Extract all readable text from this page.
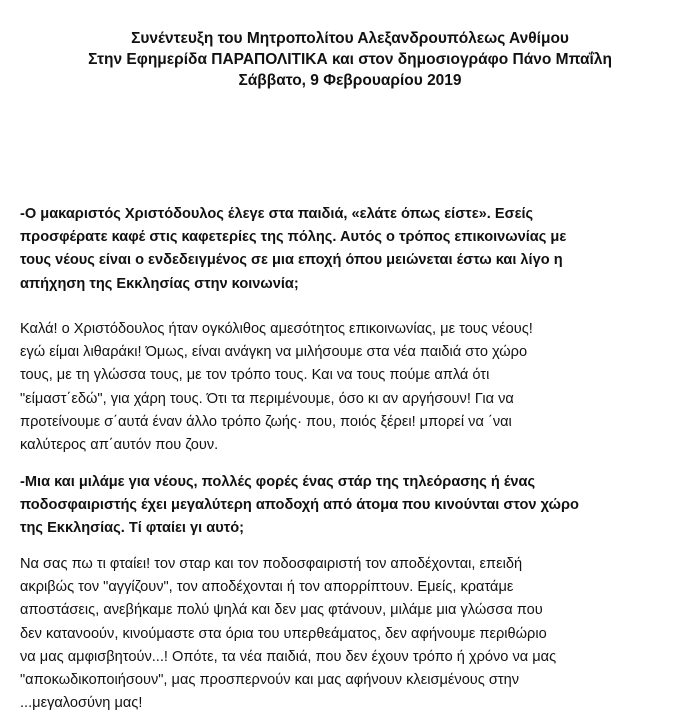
Συνέντευξη του Μητροπολίτου Αλεξανδρουπόλεως Ανθίμου
Στην Εφημερίδα ΠΑΡΑΠΟΛΙΤΙΚΑ και στον δημοσιογράφο Πάνο Μπαΐλη
Σάββατο, 9 Φεβρουαρίου 2019
-Ο μακαριστός Χριστόδουλος έλεγε στα παιδιά, «ελάτε όπως είστε». Εσείς
προσφέρατε καφέ στις καφετερίες της πόλης. Αυτός ο τρόπος επικοινωνίας με
τους νέους είναι ο ενδεδειγμένος σε μια εποχή όπου μειώνεται έστω και λίγο η
απήχηση της Εκκλησίας στην κοινωνία;
Καλά! ο Χριστόδουλος ήταν ογκόλιθος αμεσότητος επικοινωνίας, με τους νέους!
εγώ είμαι λιθαράκι! Όμως, είναι ανάγκη να μιλήσουμε στα νέα παιδιά στο χώρο
τους, με τη γλώσσα τους, με τον τρόπο τους. Και να τους πούμε απλά ότι
"είμαστ΄εδώ", για χάρη τους. Ότι τα περιμένουμε, όσο κι αν αργήσουν! Για να
προτείνουμε σ΄αυτά έναν άλλο τρόπο ζωής· που, ποιός ξέρει! μπορεί να ΄ναι
καλύτερος απ΄αυτόν που ζουν.
-Μια και μιλάμε για νέους, πολλές φορές ένας στάρ της τηλεόρασης ή ένας
ποδοσφαιριστής έχει μεγαλύτερη αποδοχή από άτομα που κινούνται στον χώρο
της Εκκλησίας. Τί φταίει γι αυτό;
Να σας πω τι φταίει! τον σταρ και τον ποδοσφαιριστή τον αποδέχονται, επειδή
ακριβώς τον "αγγίζουν", τον αποδέχονται ή τον απορρίπτουν. Εμείς, κρατάμε
αποστάσεις, ανεβήκαμε πολύ ψηλά και δεν μας φτάνουν, μιλάμε μια γλώσσα που
δεν κατανοούν, κινούμαστε στα όρια του υπερθεάματος, δεν αφήνουμε περιθώριο
να μας αμφισβητούν...! Οπότε, τα νέα παιδιά, που δεν έχουν τρόπο ή χρόνο να μας
"αποκωδικοποιήσουν", μας προσπερνούν και μας αφήνουν κλεισμένους στην
...μεγαλοσύνη μας!
